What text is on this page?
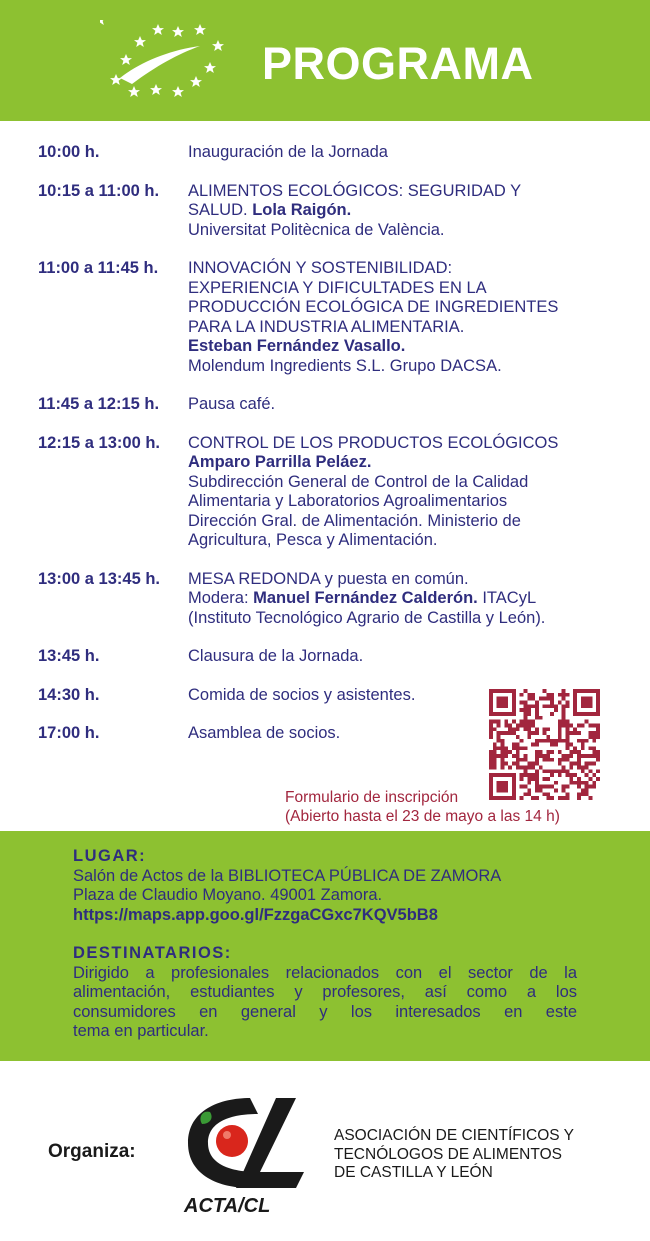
PROGRAMA
10:00 h.	Inauguración de la Jornada
10:15 a 11:00 h.	ALIMENTOS ECOLÓGICOS: SEGURIDAD Y
SALUD. Lola Raigón.
Universitat Politècnica de València.
11:00 a 11:45 h.	INNOVACIÓN Y SOSTENIBILIDAD:
EXPERIENCIA Y DIFICULTADES EN LA
PRODUCCIÓN ECOLÓGICA DE INGREDIENTES
PARA LA INDUSTRIA ALIMENTARIA.
Esteban Fernández Vasallo.
Molendum Ingredients S.L. Grupo DACSA.
11:45 a 12:15 h.	Pausa café.
12:15 a 13:00 h.	CONTROL DE LOS PRODUCTOS ECOLÓGICOS
Amparo Parrilla Peláez.
Subdirección General de Control de la Calidad
Alimentaria y Laboratorios Agroalimentarios
Dirección Gral. de Alimentación. Ministerio de
Agricultura, Pesca y Alimentación.
13:00 a 13:45 h.	MESA REDONDA y puesta en común.
Modera: Manuel Fernández Calderón. ITACyL
(Instituto Tecnológico Agrario de Castilla y León).
13:45 h.	Clausura de la Jornada.
14:30 h.	Comida de socios y asistentes.
17:00 h.	Asamblea de socios.
Formulario de inscripción
(Abierto hasta el 23 de mayo a las 14 h)
LUGAR:
Salón de Actos de la BIBLIOTECA PÚBLICA DE ZAMORA
Plaza de Claudio Moyano. 49001 Zamora.
https://maps.app.goo.gl/FzzgaCGxc7KQV5bB8
DESTINATARIOS:
Dirigido a profesionales relacionados con el sector de la
alimentación, estudiantes y profesores, así como a los
consumidores en general y los interesados en este
tema en particular.
Organiza:
ACTA/CL
ASOCIACIÓN DE CIENTÍFICOS Y
TECNÓLOGOS DE ALIMENTOS
DE CASTILLA Y LEÓN
